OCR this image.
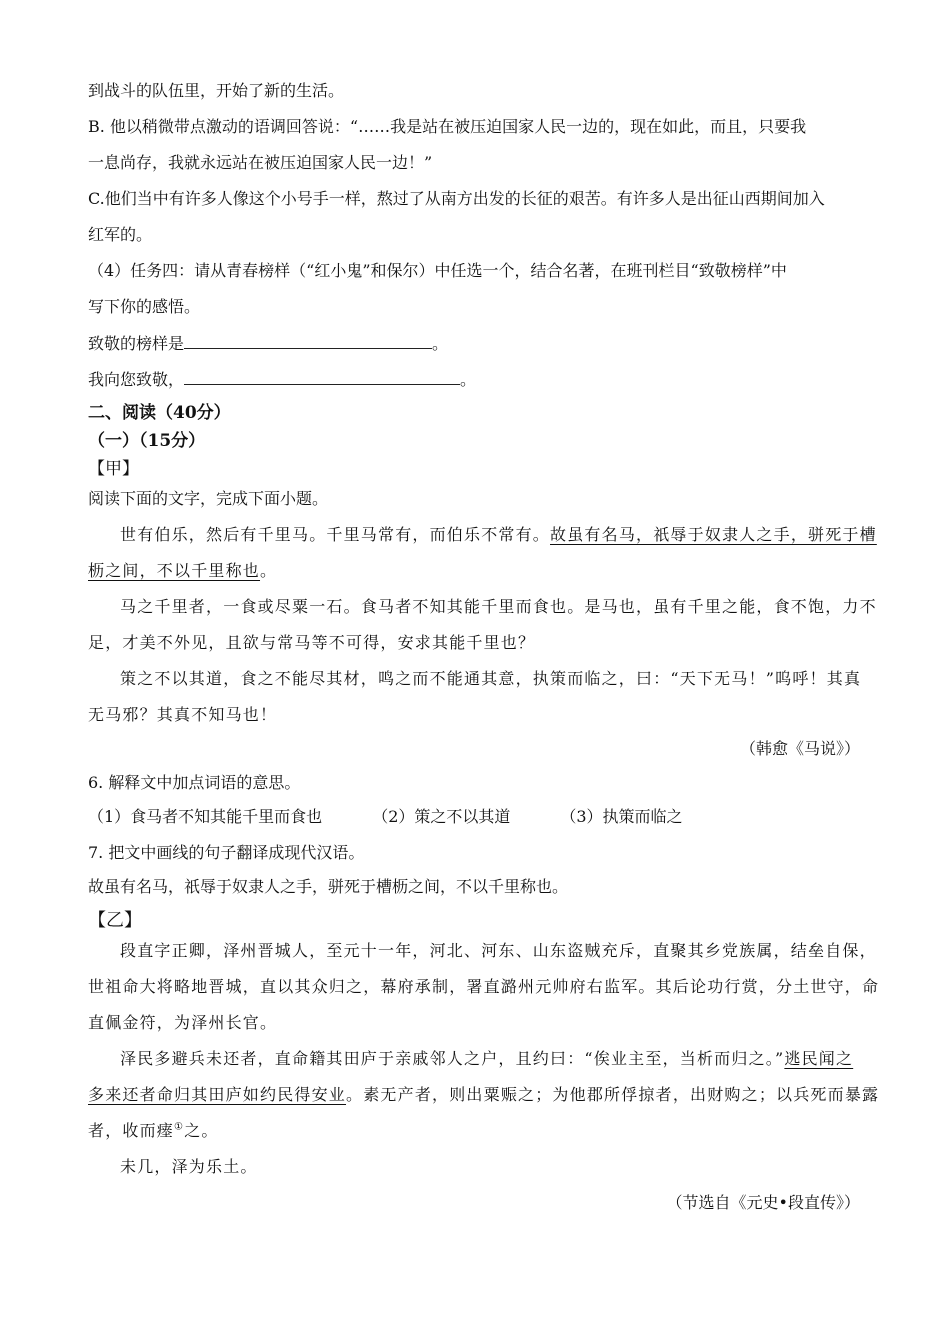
到战斗的队伍里，开始了新的生活。
B. 他以稍微带点激动的语调回答说：“……我是站在被压迫国家人民一边的，现在如此，而且，只要我
一息尚存，我就永远站在被压迫国家人民一边！”
C.他们当中有许多人像这个小号手一样，熬过了从南方出发的长征的艰苦。有许多人是出征山西期间加入
红军的。
（4）任务四：请从青春榜样（“红小鬼”和保尔）中任选一个，结合名著，在班刊栏目“致敬榜样”中
写下你的感悟。
致敬的榜样是	。
我向您致敬，	。
二、阅读（40分）
（一）（15分）
【甲】
阅读下面的文字，完成下面小题。
世有伯乐，然后有千里马。千里马常有，而伯乐不常有。故虽有名马，祇辱于奴隶人之手，骈死于槽
枥之间，不以千里称也。
马之千里者，一食或尽粟一石。食马者不知其能千里而食也。是马也，虽有千里之能，食不饱，力不
足，才美不外见，且欲与常马等不可得，安求其能千里也？
策之不以其道，食之不能尽其材，鸣之而不能通其意，执策而临之，曰：“天下无马！”呜呼！其真
无马邪？其真不知马也！
（韩愈《马说》）
6. 解释文中加点词语的意思。
（1）食马者不知其能千里而食也	（2）策之不以其道	（3）执策而临之
7. 把文中画线的句子翻译成现代汉语。
故虽有名马，祇辱于奴隶人之手，骈死于槽枥之间，不以千里称也。
【乙】
段直字正卿，泽州晋城人，至元十一年，河北、河东、山东盗贼充斥，直聚其乡党族属，结垒自保，
世祖命大将略地晋城，直以其众归之，幕府承制，署直潞州元帅府右监军。其后论功行赏，分土世守，命
直佩金符，为泽州长官。
泽民多避兵未还者，直命籍其田庐于亲戚邻人之户，且约曰：“俟业主至，当析而归之。”逃民闻之
多来还者命归其田庐如约民得安业。素无产者，则出粟赈之；为他郡所俘掠者，出财购之；以兵死而暴露
者，收而瘗①之。
未几，泽为乐土。
（节选自《元史•段直传》）
